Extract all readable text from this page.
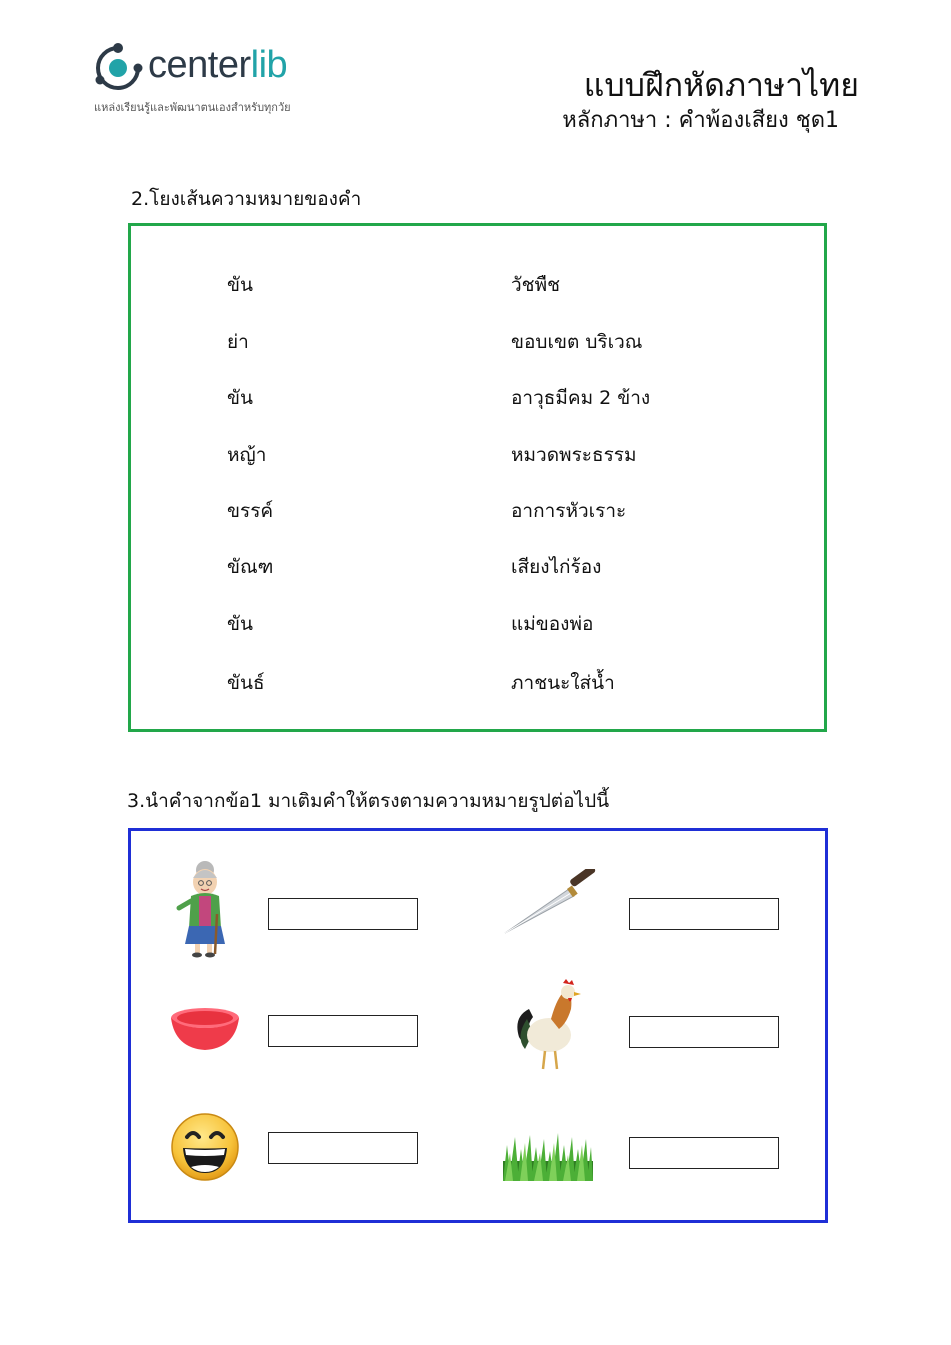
centerlib
แหล่งเรียนรู้และพัฒนาตนเองสำหรับทุกวัย
แบบฝึกหัดภาษาไทย
หลักภาษา : คำพ้องเสียง ชุด1
2.โยงเส้นความหมายของคำ
ขัน
ย่า
ขัน
หญ้า
ขรรค์
ขัณฑ
ขัน
ขันธ์
วัชพืช
ขอบเขต บริเวณ
อาวุธมีคม 2 ข้าง
หมวดพระธรรม
อาการหัวเราะ
เสียงไก่ร้อง
แม่ของพ่อ
ภาชนะใส่น้ำ
3.นำคำจากข้อ1 มาเติมคำให้ตรงตามความหมายรูปต่อไปนี้
